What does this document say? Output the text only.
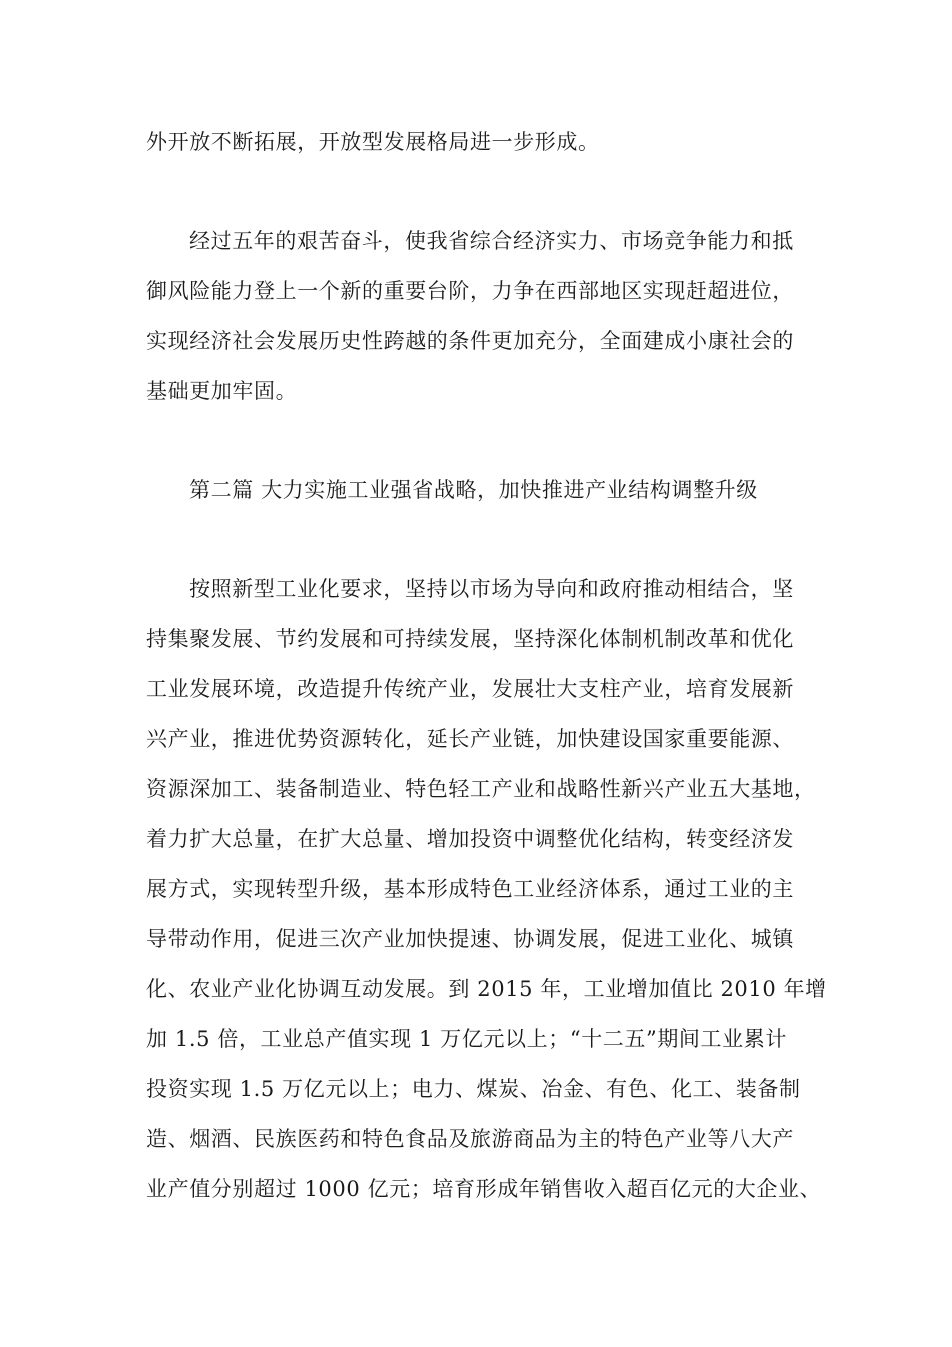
外开放不断拓展，开放型发展格局进一步形成。
经过五年的艰苦奋斗，使我省综合经济实力、市场竞争能力和抵
御风险能力登上一个新的重要台阶，力争在西部地区实现赶超进位，
实现经济社会发展历史性跨越的条件更加充分，全面建成小康社会的
基础更加牢固。
第二篇 大力实施工业强省战略，加快推进产业结构调整升级
按照新型工业化要求，坚持以市场为导向和政府推动相结合，坚
持集聚发展、节约发展和可持续发展，坚持深化体制机制改革和优化
工业发展环境，改造提升传统产业，发展壮大支柱产业，培育发展新
兴产业，推进优势资源转化，延长产业链，加快建设国家重要能源、
资源深加工、装备制造业、特色轻工产业和战略性新兴产业五大基地，
着力扩大总量，在扩大总量、增加投资中调整优化结构，转变经济发
展方式，实现转型升级，基本形成特色工业经济体系，通过工业的主
导带动作用，促进三次产业加快提速、协调发展，促进工业化、城镇
化、农业产业化协调互动发展。到 2015 年，工业增加值比 2010 年增
加 1.5 倍，工业总产值实现 1 万亿元以上；“十二五”期间工业累计
投资实现 1.5 万亿元以上；电力、煤炭、冶金、有色、化工、装备制
造、烟酒、民族医药和特色食品及旅游商品为主的特色产业等八大产
业产值分别超过 1000 亿元；培育形成年销售收入超百亿元的大企业、
